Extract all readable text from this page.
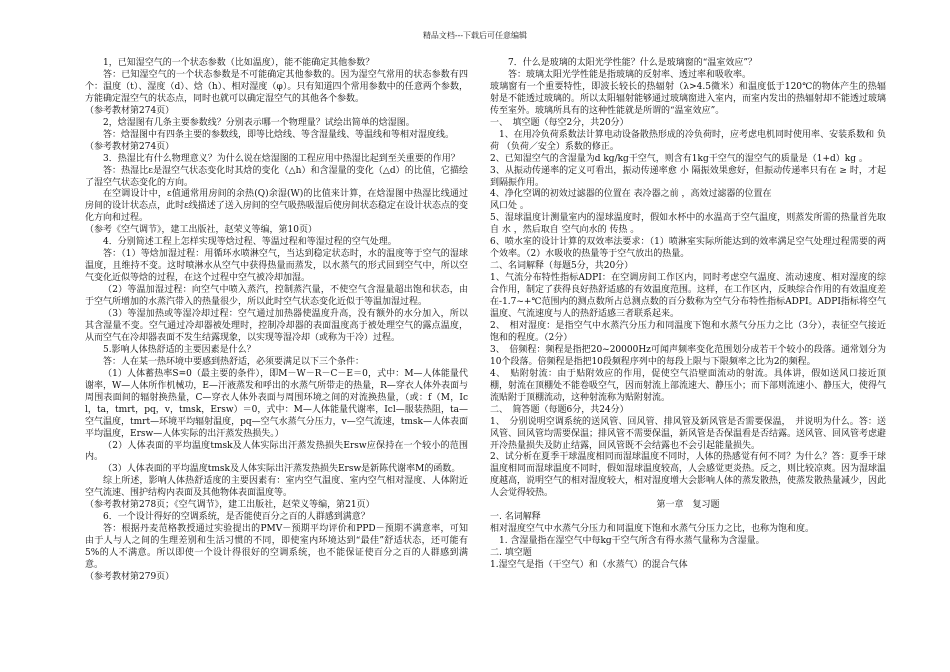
精品文档---下载后可任意编辑

1，已知湿空气的一个状态参数（比如温度），能不能确定其他参数？

答：已知湿空气的一个状态参数是不可能确定其他参数的。因为湿空气常用的状态参数有四个：温度（t）、湿度（d）、焓（h）、相对湿度（φ）。只有知道四个常用参数中的任意两个参数，方能确定湿空气的状态点，同时也就可以确定湿空气的其他各个参数。

（参考教材第274页）

2，焓湿图有几条主要参数线？分别表示哪一个物理量？试绘出简单的焓湿图。

答：焓湿图中有四条主要的参数线，即等比焓线、等含湿量线、等温线和等相对湿度线。

（参考教材第274页）

3．热湿比有什么物理意义？为什么说在焓湿图的工程应用中热湿比起到至关重要的作用？

答：热湿比ε是湿空气状态变化时其焓的变化（△h）和含湿量的变化（△d）的比值，它描绘了湿空气状态变化的方向。

在空调设计中，ε值通常用房间的余热(Q)余湿(W)的比值来计算，在焓湿图中热湿比线通过房间的设计状态点，此时ε线描述了送入房间的空气吸热吸湿后使房间状态稳定在设计状态点的变化方向和过程。

（参考《空气调节》，建工出版社，赵荣义等编，第10页）

4．分别简述工程上怎样实现等焓过程、等温过程和等湿过程的空气处理。

答：（1）等焓加湿过程：用循环水喷淋空气，当达到稳定状态时，水的温度等于空气的湿球温度，且维持不变。这时喷淋水从空气中获得热量而蒸发，以水蒸气的形式回到空气中，所以空气变化近似等焓的过程，在这个过程中空气被冷却加湿。

（2）等温加湿过程：向空气中喷入蒸汽，控制蒸汽量，不使空气含湿量超出饱和状态，由于空气所增加的水蒸汽带入的热量很少，所以此时空气状态变化近似于等温加湿过程。

（3）等湿加热或等湿冷却过程：空气通过加热器使温度升高，没有额外的水分加入，所以其含湿量不变。空气通过冷却器被处理时，控制冷却器的表面温度高于被处理空气的露点温度，从而空气在冷却器表面不发生结露现象，以实现等湿冷却（或称为干冷）过程。

5.影响人体热舒适的主要因素是什么？

答：人在某一热环境中要感到热舒适，必须要满足以下三个条件：

（1）人体蓄热率S=0（最主要的条件），即M－W－R－C－E＝0，式中：M—人体能量代谢率，W—人体所作机械功，E—汗液蒸发和呼出的水蒸气所带走的热量，R—穿衣人体外表面与周围表面间的辐射换热量，C—穿衣人体外表面与周围环境之间的对流换热量，（或：f（M，Icl，ta，tmrt，pq，v，tmsk，Ersw）＝0，式中：M—人体能量代谢率，Icl—服装热阻，ta—空气温度，tmrt—环境平均辐射温度，pq—空气水蒸气分压力，v—空气流速，tmsk—人体表面平均温度，Ersw—人体实际的出汗蒸发热损失。）

（2）人体表面的平均温度tmsk及人体实际出汗蒸发热损失Ersw应保持在一个较小的范围内。

（3）人体表面的平均温度tmsk及人体实际出汗蒸发热损失Ersw是新陈代谢率M的函数。

综上所述，影响人体热舒适度的主要因素有：室内空气温度、室内空气相对湿度、人体附近空气流速、围护结构内表面及其他物体表面温度等。

（参考教材第278页；《空气调节》，建工出版社，赵荣义等编，第21页）

6．一个设计得好的空调系统，是否能使百分之百的人群感到满意？

答：根据丹麦范格教授通过实验提出的PMV－预期平均评价和PPD－预期不满意率，可知由于人与人之间的生理差别和生活习惯的不同，即使室内环境达到“最佳”舒适状态，还可能有5%的人不满意。所以即使一个设计得很好的空调系统，也不能保证使百分之百的人群感到满意。

（参考教材第279页）

7．什么是玻璃的太阳光学性能？什么是玻璃窗的“温室效应”？

答：玻璃太阳光学性能是指玻璃的反射率、透过率和吸收率。

玻璃窗有一个重要特性，即波长较长的热辐射（λ>4.5微米）和温度低于120℃的物体产生的热辐射是不能透过玻璃的。所以太阳辐射能够通过玻璃窗进入室内，而室内发出的热辐射却不能透过玻璃传至室外。玻璃所具有的这种性能就是所谓的“温室效应”。

一、　填空题（每空2分，共20分）

1、在用冷负荷系数法计算电动设备散热形成的冷负荷时，应考虑电机同时使用率、安装系数和 负荷 （负荷／安全）系数的修正。

2、已知湿空气的含湿量为d kg/kg干空气，则含有1kg干空气的湿空气的质量是（1+d）kg 。

3、从振动传递率的定义可看出，振动传递率愈 小 隔振效果愈好，但振动传递率只有在 ≥ 时，才起到隔振作用。

4、净化空调的初效过滤器的位置在 表冷器之前 ，高效过滤器的位置在

风口处 。

5、湿球温度计测量室内的湿球温度时，假如水杯中的水温高于空气温度，则蒸发所需的热量首先取自 水 ，然后取自 空气向水的 传热 。

6、喷水室的设计计算的双效率法要求：（1）喷淋室实际所能达到的效率满足空气处理过程需要的两个效率。（2）水吸收的热量等于空气放出的热量。

二、名词解释（每题5分，共20分）

1、气流分布特性指标ADPI：在空调房间工作区内，同时考虑空气温度、流动速度、相对湿度的综合作用，制定了获得良好热舒适感的有效温度范围。这样，在工作区内，反映综合作用的有效温度差在-1.7~+℃范围内的测点数所占总测点数的百分数称为空气分布特性指标ADPI。ADPI指标将空气温度、气流速度与人的热舒适感三者联系起来。

2、　相对湿度：是指空气中水蒸汽分压力和同温度下饱和水蒸气分压力之比（3分），表征空气接近饱和的程度。（2分）

3、　倍频程：频程是指把20~20000Hz可闻声频率变化范围划分成若干个较小的段落。通常划分为10个段落。倍频程是指把10段频程序列中的每段上限与下限频率之比为2的频程。

4、　贴附射流：由于贴附效应的作用，促使空气沿壁面流动的射流。具体讲，假如送风口接近顶棚，射流在顶棚处不能卷吸空气，因而射流上部流速大、静压小；而下部则流速小、静压大，使得气流贴附于顶棚流动，这种射流称为贴附射流。

二、　简答题（每题6分，共24分）

1、　分别说明空调系统的送风管、回风管、排风管及新风管是否需要保温，　并说明为什么。答：送风管、回风管均需要保温；排风管不需要保温，新风管是否保温看是否结露。送风管、回风管考虑避开冷热量损失及防止结露，回风管既不会结露也不会引起能量损失。

2、试分析在夏季干球温度相同而湿球温度不同时，人体的热感觉有何不同？为什么？答：夏季干球温度相同而湿球温度不同时，假如湿球温度较高，人会感觉更炎热。反之，则比较凉爽。因为湿球温度越高，说明空气的相对湿度较大，相对湿度增大会影响人体的蒸发散热，使蒸发散热量减少，因此人会觉得较热。

第一章　复习题

一. 名词解释

相对湿度空气中水蒸气分压力和同温度下饱和水蒸气分压力之比，也称为饱和度。

1. 含湿量指在湿空气中每kg干空气所含有得水蒸气量称为含湿量。

二. 填空题

1.湿空气是指（干空气）和（水蒸气）的混合气体
